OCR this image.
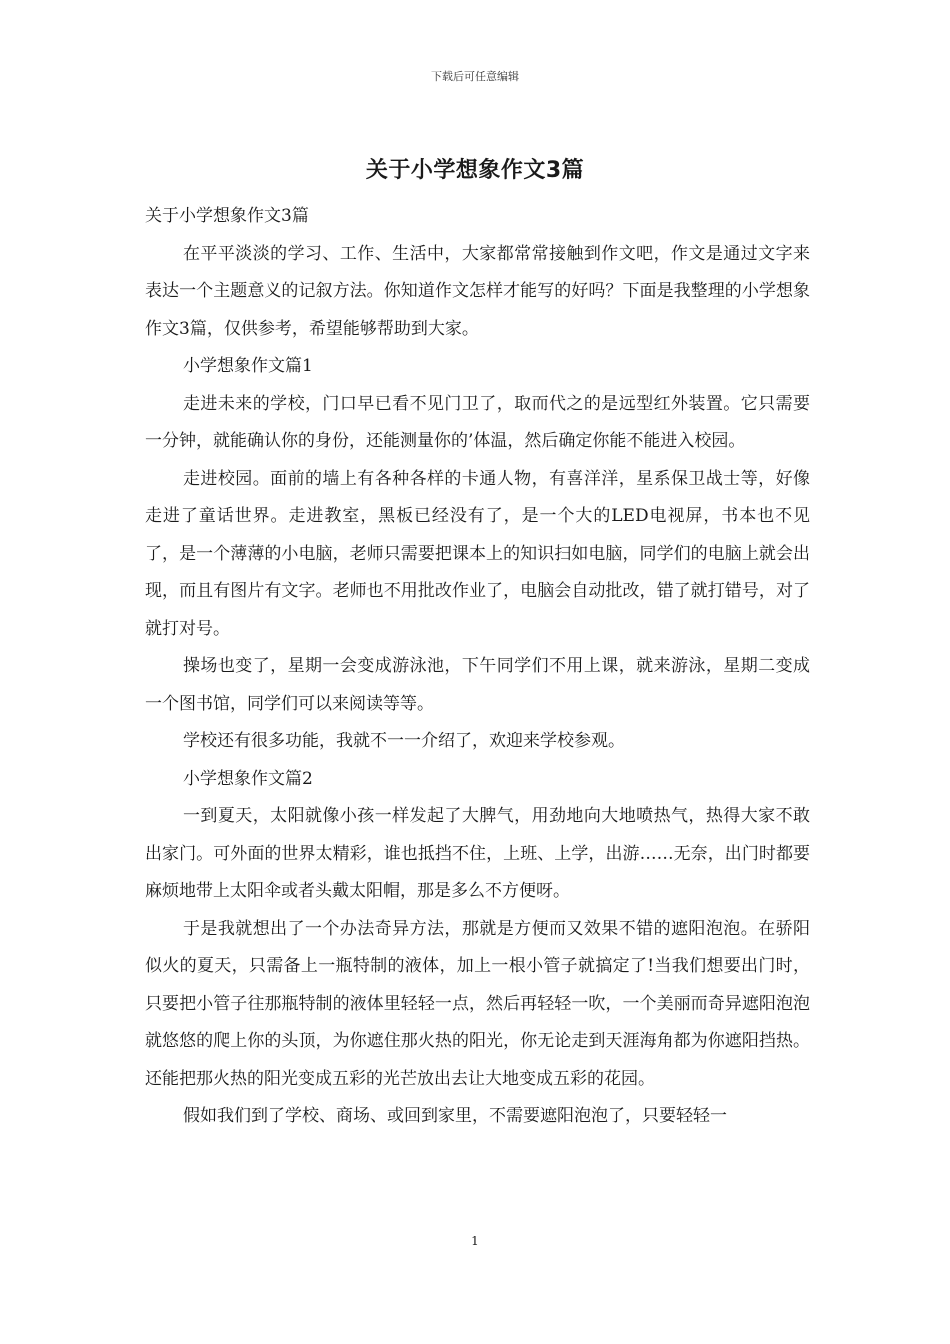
下载后可任意编辑
关于小学想象作文3篇

关于小学想象作文3篇

在平平淡淡的学习、工作、生活中，大家都常常接触到作文吧，作文是通过文字来表达一个主题意义的记叙方法。你知道作文怎样才能写的好吗？下面是我整理的小学想象作文3篇，仅供参考，希望能够帮助到大家。

小学想象作文篇1

走进未来的学校，门口早已看不见门卫了，取而代之的是远型红外装置。它只需要一分钟，就能确认你的身份，还能测量你的’体温，然后确定你能不能进入校园。

走进校园。面前的墙上有各种各样的卡通人物，有喜洋洋，星系保卫战士等，好像走进了童话世界。走进教室，黑板已经没有了，是一个大的LED电视屏，书本也不见了，是一个薄薄的小电脑，老师只需要把课本上的知识扫如电脑，同学们的电脑上就会出现，而且有图片有文字。老师也不用批改作业了，电脑会自动批改，错了就打错号，对了就打对号。

操场也变了，星期一会变成游泳池，下午同学们不用上课，就来游泳，星期二变成一个图书馆，同学们可以来阅读等等。

学校还有很多功能，我就不一一介绍了，欢迎来学校参观。

小学想象作文篇2

一到夏天，太阳就像小孩一样发起了大脾气，用劲地向大地喷热气，热得大家不敢出家门。可外面的世界太精彩，谁也抵挡不住，上班、上学，出游……无奈，出门时都要麻烦地带上太阳伞或者头戴太阳帽，那是多么不方便呀。

于是我就想出了一个办法奇异方法，那就是方便而又效果不错的遮阳泡泡。在骄阳似火的夏天，只需备上一瓶特制的液体，加上一根小管子就搞定了!当我们想要出门时，只要把小管子往那瓶特制的液体里轻轻一点，然后再轻轻一吹，一个美丽而奇异遮阳泡泡就悠悠的爬上你的头顶，为你遮住那火热的阳光，你无论走到天涯海角都为你遮阳挡热。还能把那火热的阳光变成五彩的光芒放出去让大地变成五彩的花园。

假如我们到了学校、商场、或回到家里，不需要遮阳泡泡了，只要轻轻一

1
